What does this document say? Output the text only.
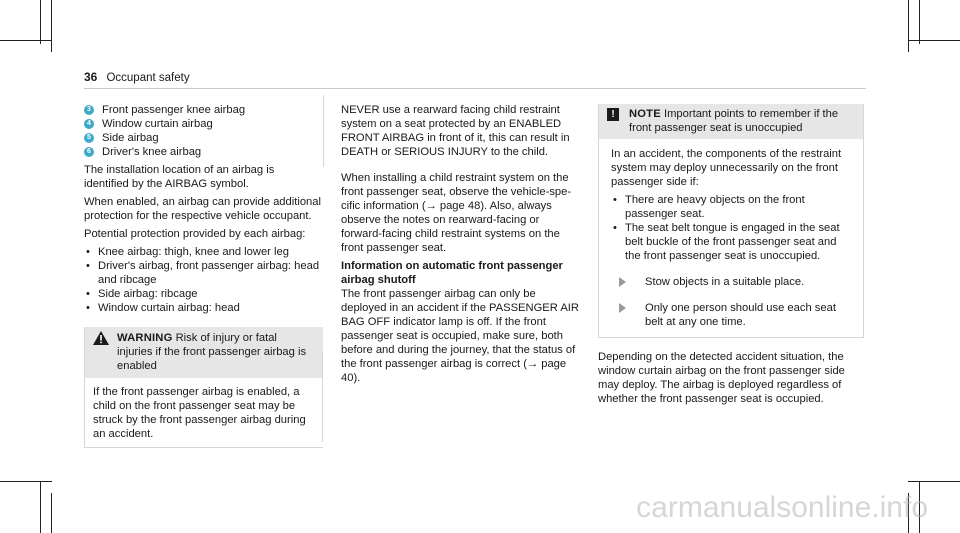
36 Occupant safety
3 Front passenger knee airbag
4 Window curtain airbag
5 Side airbag
6 Driver's knee airbag

The installation location of an airbag is identified by the AIRBAG symbol.

When enabled, an airbag can provide additional protection for the respective vehicle occupant.

Potential protection provided by each airbag:

• Knee airbag: thigh, knee and lower leg
• Driver's airbag, front passenger airbag: head and ribcage
• Side airbag: ribcage
• Window curtain airbag: head
WARNING Risk of injury or fatal injuries if the front passenger airbag is enabled
If the front passenger airbag is enabled, a child on the front passenger seat may be struck by the front passenger airbag during an accident.

NEVER use a rearward facing child restraint system on a seat protected by an ENABLED FRONT AIRBAG in front of it, this can result in DEATH or SERIOUS INJURY to the child.

When installing a child restraint system on the front passenger seat, observe the vehicle-specific information (→ page 48). Also, always observe the notes on rearward-facing or forward-facing child restraint systems on the front passenger seat.

Information on automatic front passenger airbag shutoff

The front passenger airbag can only be deployed in an accident if the PASSENGER AIR BAG OFF indicator lamp is off. If the front passenger seat is occupied, make sure, both before and during the journey, that the status of the front passenger airbag is correct (→ page 40).

!	NOTE Important points to remember if the front passenger seat is unoccupied

In an accident, the components of the restraint system may deploy unnecessarily on the front passenger side if:

• There are heavy objects on the front passenger seat.
• The seat belt tongue is engaged in the seat belt buckle of the front passenger seat and the front passenger seat is unoccupied.
Stow objects in a suitable place.
Only one person should use each seat belt at any one time.

Depending on the detected accident situation, the window curtain airbag on the front passenger side may deploy. The airbag is deployed regardless of whether the front passenger seat is occupied.

carmanualsonline.info
